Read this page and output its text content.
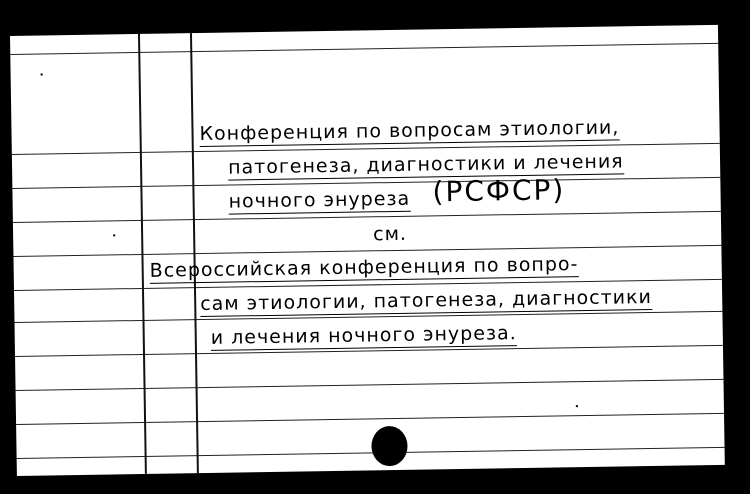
Конференция по вопросам этиологии,
патогенеза, диагностики и лечения
ночного энуреза (РСФСР)
см.
Всероссийская конференция по вопро-
сам этиологии, патогенеза, диагностики
и лечения ночного энуреза.
